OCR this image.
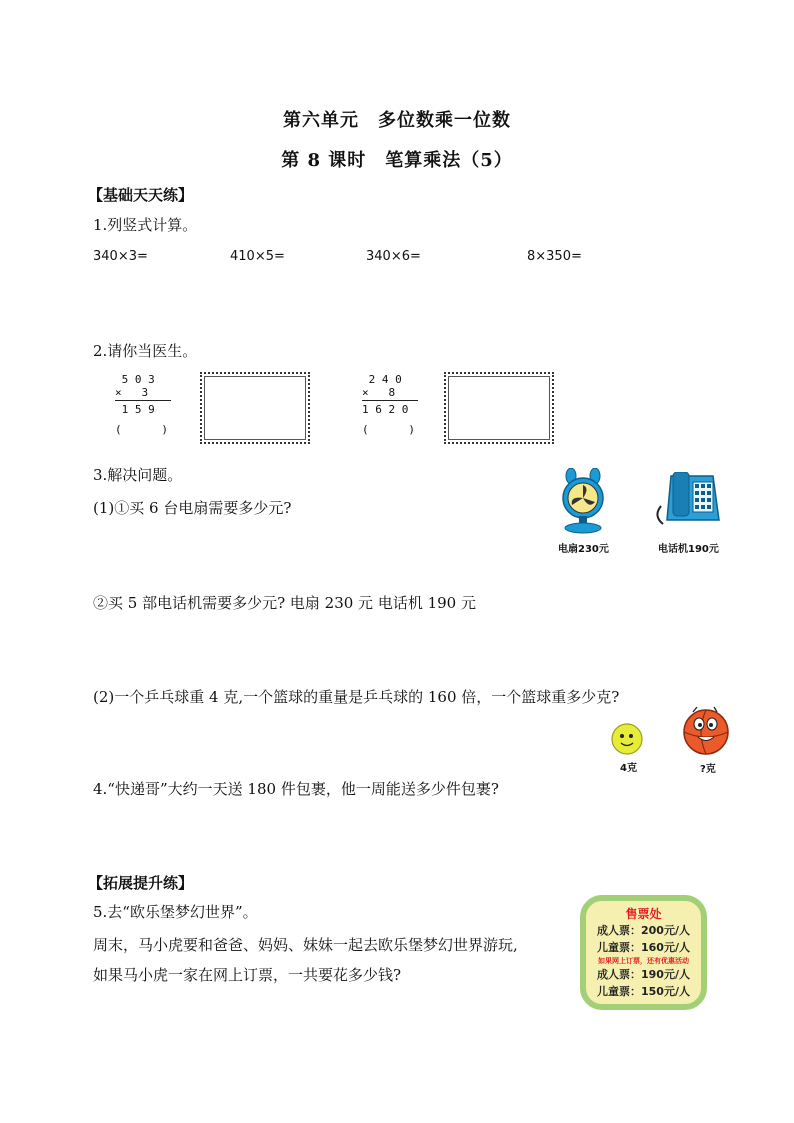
第六单元　多位数乘一位数
第 8 课时　笔算乘法（5）
【基础天天练】
1.列竖式计算。
340×3=	410×5=	340×6=	8×350=
2.请你当医生。
5 0 3
×   3
1 5 9
(      )
2 4 0
×   8
1 6 2 0
(      )
3.解决问题。
(1)①买 6 台电扇需要多少元?
电扇230元	电话机190元
②买 5 部电话机需要多少元? 电扇 230 元 电话机 190 元
(2)一个乒乓球重 4 克,一个篮球的重量是乒乓球的 160 倍，一个篮球重多少克?
4克	?克
4.“快递哥”大约一天送 180 件包裹，他一周能送多少件包裹?
【拓展提升练】
5.去“欧乐堡梦幻世界”。
周末，马小虎要和爸爸、妈妈、妹妹一起去欧乐堡梦幻世界游玩,
如果马小虎一家在网上订票，一共要花多少钱?
售票处
成人票：200元/人
儿童票：160元/人
如果网上订票，还有优惠活动
成人票：190元/人
儿童票：150元/人
